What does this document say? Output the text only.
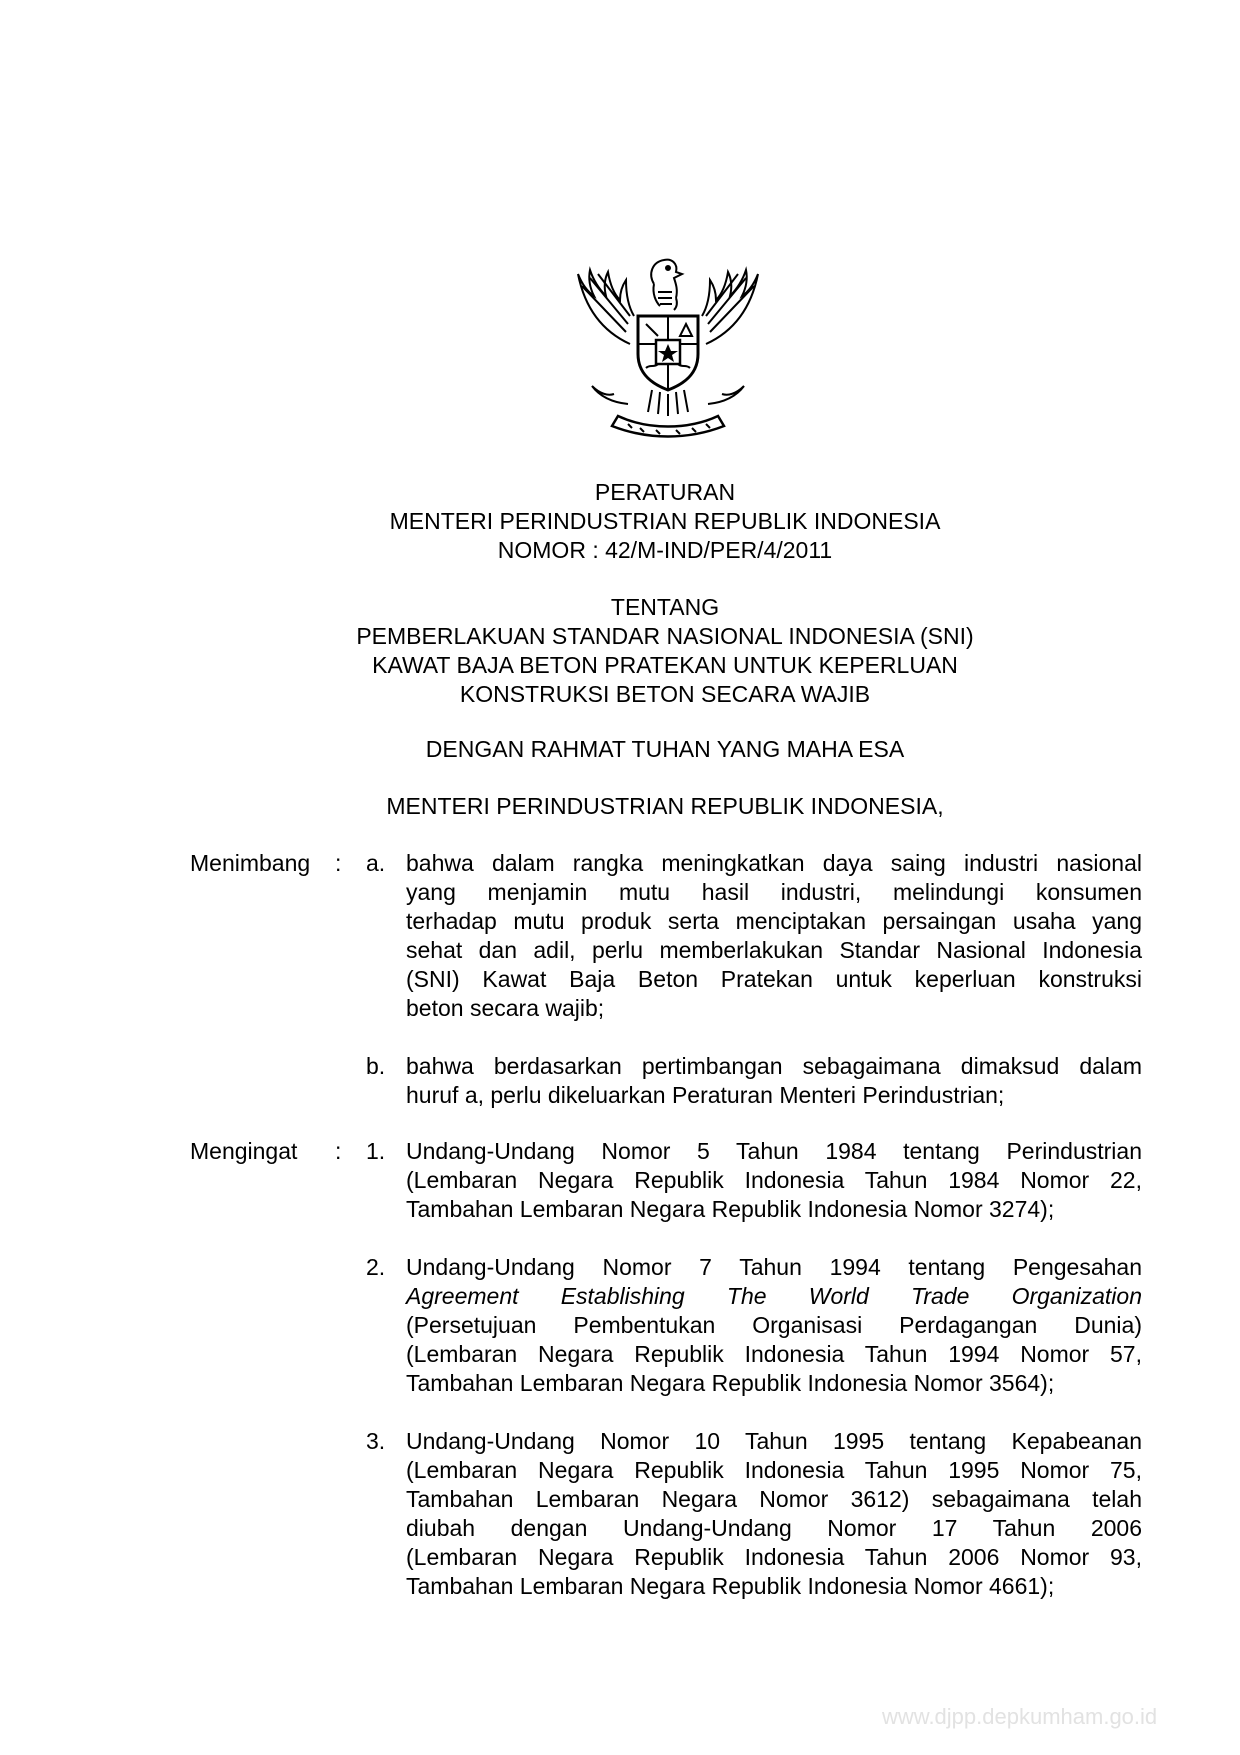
PERATURAN
MENTERI PERINDUSTRIAN REPUBLIK INDONESIA
NOMOR : 42/M-IND/PER/4/2011
TENTANG
PEMBERLAKUAN STANDAR NASIONAL INDONESIA (SNI)
KAWAT BAJA BETON PRATEKAN UNTUK KEPERLUAN
KONSTRUKSI BETON SECARA WAJIB
DENGAN RAHMAT TUHAN YANG MAHA ESA
MENTERI PERINDUSTRIAN REPUBLIK INDONESIA,
Menimbang : a. bahwa dalam rangka meningkatkan daya saing industri nasional
yang menjamin mutu hasil industri, melindungi konsumen
terhadap mutu produk serta menciptakan persaingan usaha yang
sehat dan adil, perlu memberlakukan Standar Nasional Indonesia
(SNI) Kawat Baja Beton Pratekan untuk keperluan konstruksi
beton secara wajib;
b. bahwa berdasarkan pertimbangan sebagaimana dimaksud dalam
huruf a, perlu dikeluarkan Peraturan Menteri Perindustrian;
Mengingat : 1. Undang-Undang Nomor 5 Tahun 1984 tentang Perindustrian
(Lembaran Negara Republik Indonesia Tahun 1984 Nomor 22,
Tambahan Lembaran Negara Republik Indonesia Nomor 3274);
2. Undang-Undang Nomor 7 Tahun 1994 tentang Pengesahan
Agreement Establishing The World Trade Organization
(Persetujuan Pembentukan Organisasi Perdagangan Dunia)
(Lembaran Negara Republik Indonesia Tahun 1994 Nomor 57,
Tambahan Lembaran Negara Republik Indonesia Nomor 3564);
3. Undang-Undang Nomor 10 Tahun 1995 tentang Kepabeanan
(Lembaran Negara Republik Indonesia Tahun 1995 Nomor 75,
Tambahan Lembaran Negara Nomor 3612) sebagaimana telah
diubah dengan Undang-Undang Nomor 17 Tahun 2006
(Lembaran Negara Republik Indonesia Tahun 2006 Nomor 93,
Tambahan Lembaran Negara Republik Indonesia Nomor 4661);
www.djpp.depkumham.go.id
